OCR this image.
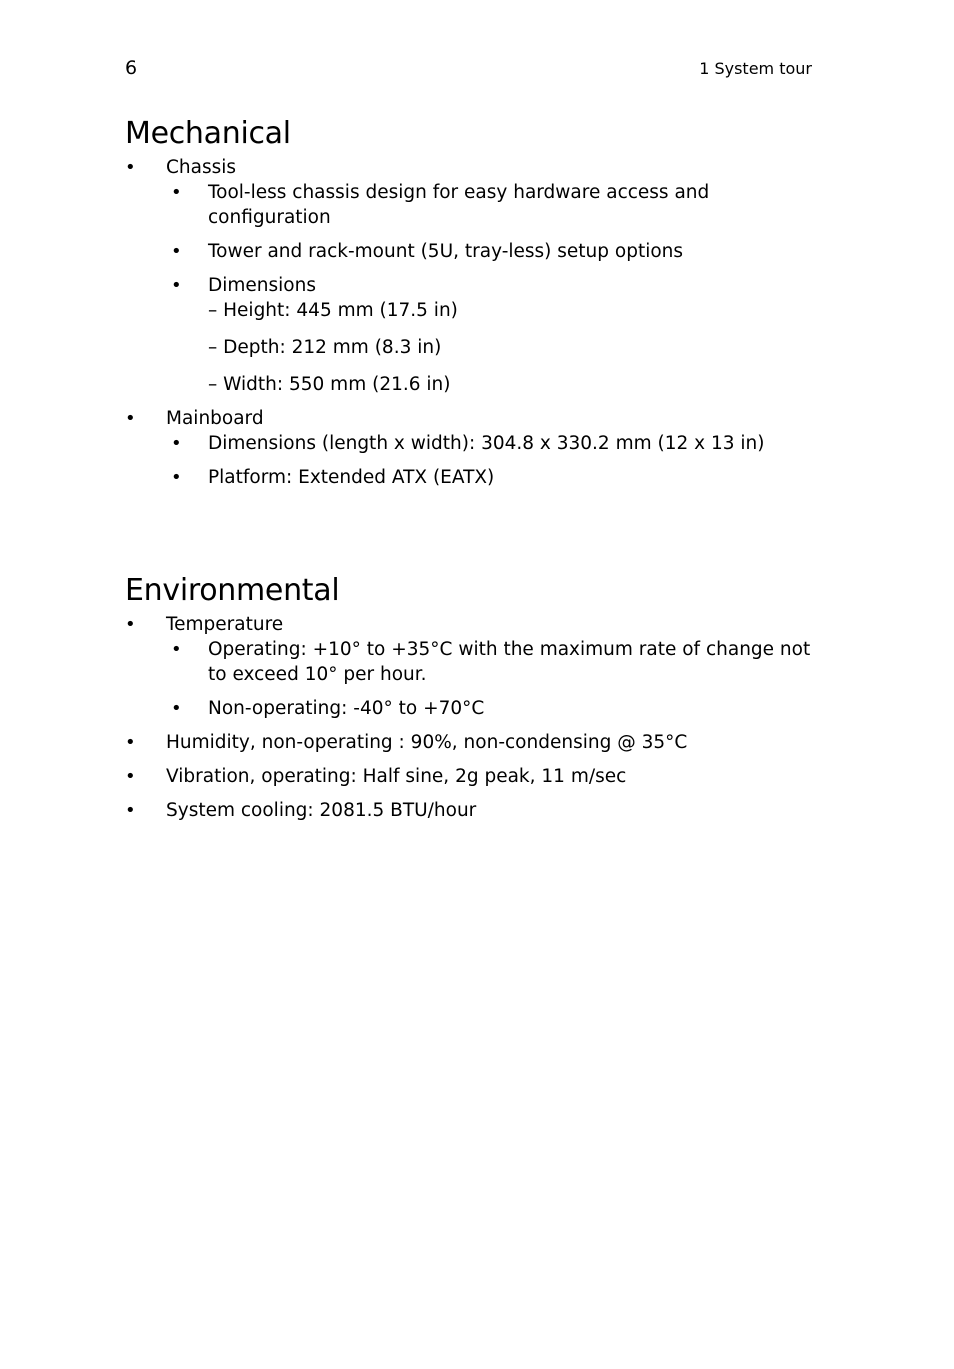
6	1 System tour
Mechanical
• Chassis
• Tool-less chassis design for easy hardware access and configuration
• Tower and rack-mount (5U, tray-less) setup options
• Dimensions
– Height: 445 mm (17.5 in)
– Depth: 212 mm (8.3 in)
– Width: 550 mm (21.6 in)
• Mainboard
• Dimensions (length x width): 304.8 x 330.2 mm (12 x 13 in)
• Platform: Extended ATX (EATX)
Environmental
• Temperature
• Operating: +10° to +35°C with the maximum rate of change not to exceed 10° per hour.
• Non-operating: -40° to +70°C
• Humidity, non-operating : 90%, non-condensing @ 35°C
• Vibration, operating: Half sine, 2g peak, 11 m/sec
• System cooling: 2081.5 BTU/hour
